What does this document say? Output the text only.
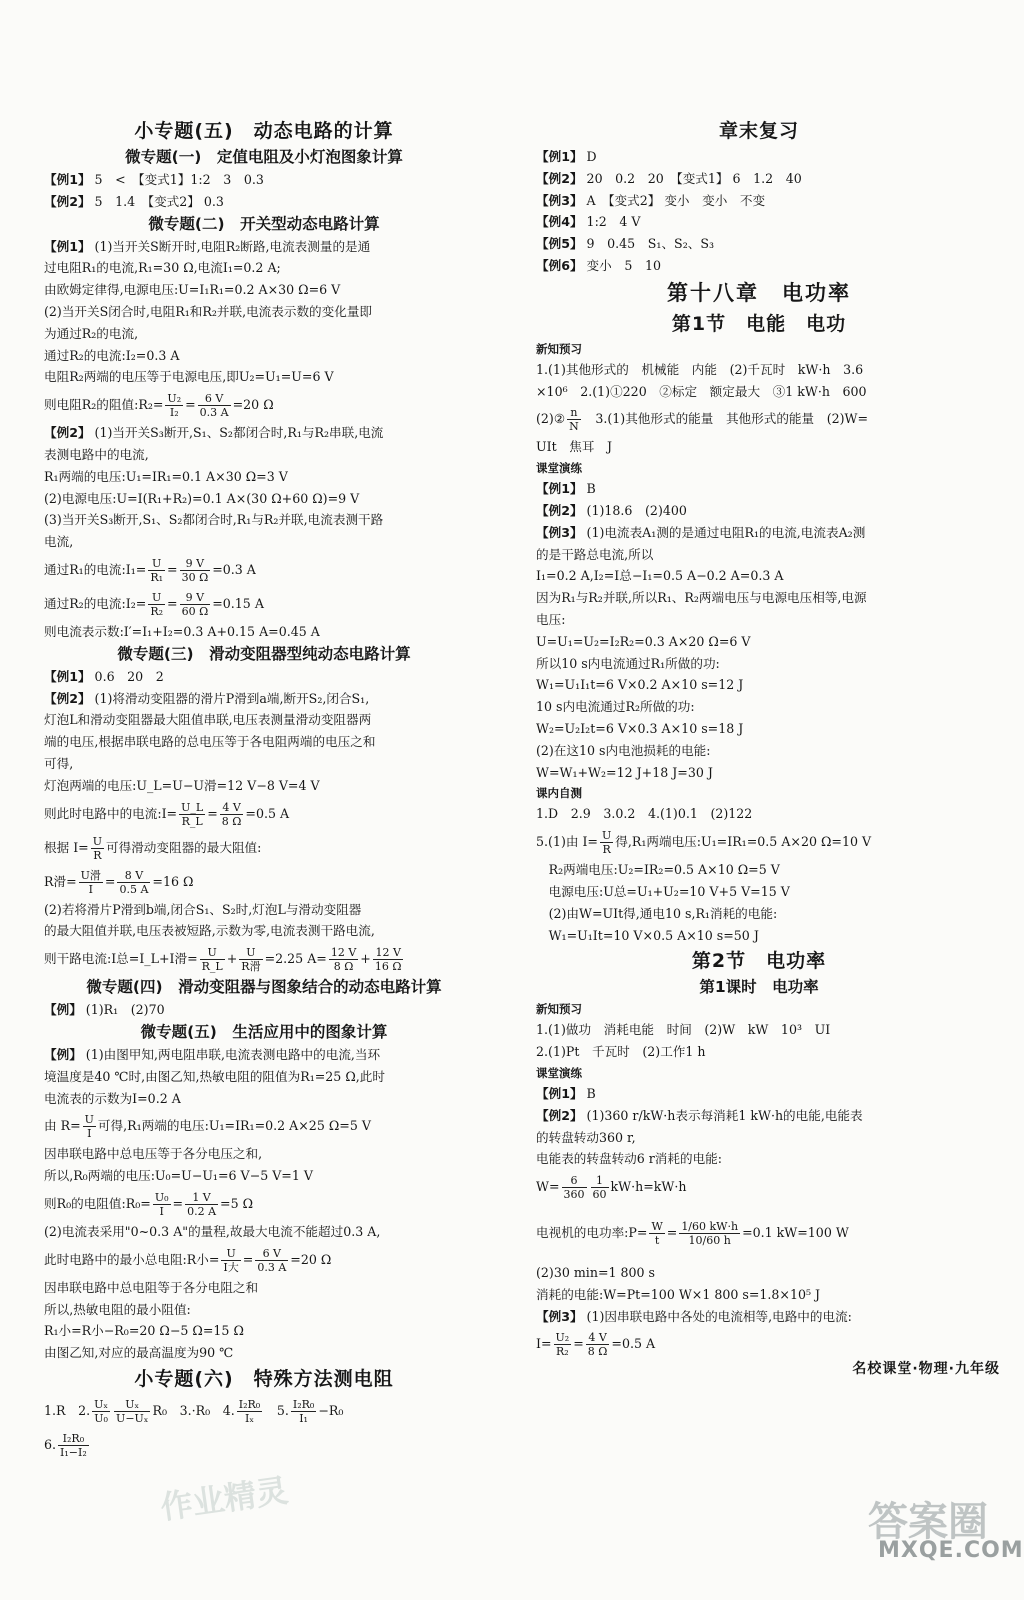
小专题(五)　动态电路的计算
微专题(一)　定值电阻及小灯泡图象计算
【例1】 5　<　【变式1】1:2　3　0.3
【例2】 5　1.4　【变式2】 0.3
微专题(二)　开关型动态电路计算
【例1】 (1)当开关S断开时,电阻R₂断路,电流表测量的是通
过电阻R₁的电流,R₁=30 Ω,电流I₁=0.2 A;
由欧姆定律得,电源电压:U=I₁R₁=0.2 A×30 Ω=6 V
(2)当开关S闭合时,电阻R₁和R₂并联,电流表示数的变化量即
为通过R₂的电流,
通过R₂的电流:I₂=0.3 A
电阻R₂两端的电压等于电源电压,即U₂=U₁=U=6 V
则电阻R₂的阻值:R₂= $\frac{\text{U₂}}{\text{I₂}} = \frac{6 V}{0.3 A} =20$ Ω
【例2】 (1)当开关S₃断开,S₁、S₂都闭合时,R₁与R₂串联,电流
表测电路中的电流,
R₁两端的电压:U₁=IR₁=0.1 A×30 Ω=3 V
(2)电源电压:U=I(R₁+R₂)=0.1 A×(30 Ω+60 Ω)=9 V
(3)当开关S₃断开,S₁、S₂都闭合时,R₁与R₂并联,电流表测干路
电流,
通过R₁的电流:I₁= $\frac{U}{\text{R₁}} = \frac{9 V}{30 \Omega} =0.3$ A
通过R₂的电流:I₂= $\frac{U}{\text{R₂}} = \frac{9 V}{60 \Omega} =0.15$ A
则电流表示数:I′=I₁+I₂=0.3 A+0.15 A=0.45 A
微专题(三)　滑动变阻器型纯动态电路计算
【例1】 0.6　20　2
【例2】 (1)将滑动变阻器的滑片P滑到a端,断开S₂,闭合S₁,
灯泡L和滑动变阻器最大阻值串联,电压表测量滑动变阻器两
端的电压,根据串联电路的总电压等于各电阻两端的电压之和
可得,
灯泡两端的电压:U_L=U−U滑=12 V−8 V=4 V
则此时电路中的电流:I= $\frac{U\_L}{R\_L} = \frac{4 V}{8 \Omega} =0.5$ A
根据 $I= \frac{U}{R}$ 可得滑动变阻器的最大阻值:
R滑= U滑
I
= $\frac{8 V}{0.5 A} =16$ Ω
(2)若将滑片P滑到b端,闭合S₁、S₂时,灯泡L与滑动变阻器
的最大阻值并联,电压表被短路,示数为零,电流表测干路电流,
则干路电流:I总=I_L+I滑= $\frac{U}{R\_L} + U$
R滑
=2.25 $A= \frac{12 V}{8 \Omega} + \frac{12 V}{16 \Omega}$
微专题(四)　滑动变阻器与图象结合的动态电路计算
【例】 (1)R₁　(2)70
微专题(五)　生活应用中的图象计算
【例】 (1)由图甲知,两电阻串联,电流表测电路中的电流,当环
境温度是40 ℃时,由图乙知,热敏电阻的阻值为R₁=25 Ω,此时
电流表的示数为I=0.2 A
由 $R= \frac{U}{I}$ 可得,R₁两端的电压:U₁=IR₁=0.2 A×25 Ω=5 V
因串联电路中总电压等于各分电压之和,
所以,R₀两端的电压:U₀=U−U₁=6 V−5 V=1 V
则R₀的电阻值:R₀= $\frac{\text{U₀}}{I} = \frac{1 V}{0.2 A} =5$ Ω
(2)电流表采用"0~0.3 A"的量程,故最大电流不能超过0.3 A,
此时电路中的最小总电阻:R小= U
I大
= $\frac{6 V}{0.3 A} =20$ Ω
因串联电路中总电阻等于各分电阻之和
所以,热敏电阻的最小阻值:
R₁小=R小−R₀=20 Ω−5 Ω=15 Ω
由图乙知,对应的最高温度为90 ℃
小专题(六)　特殊方法测电阻
1.R　2. $\frac{\text{Uₓ}}{\text{U₀}} \frac{\text{Uₓ}}{\text{U−Uₓ}} R_0$　3.·R₀　4. $\frac{\text{I₂R₀}}{\text{Iₓ}}$ 　5. $\frac{\text{I₂R₀}}{\text{I₁}} -R_0$
6. $\frac{\text{I₂R₀}}{\text{I₁−I₂}}$
章末复习
【例1】 D
【例2】 20　0.2　20　【变式1】 6　1.2　40
【例3】 A　【变式2】 变小　变小　不变
【例4】 1:2　4 V
【例5】 9　0.45　S₁、S₂、S₃
【例6】 变小　5　10
第十八章　电功率
第1节　电能　电功
新知预习
1.(1)其他形式的　机械能　内能　(2)千瓦时　kW·h　3.6
×10⁶　2.(1)①220　②标定　额定最大　③1 kW·h　600
(2)② $\frac{n}{N}$ 　3.(1)其他形式的能量　其他形式的能量　(2)W=
UIt　焦耳　J
课堂演练
【例1】 B
【例2】 (1)18.6　(2)400
【例3】 (1)电流表A₁测的是通过电阻R₁的电流,电流表A₂测
的是干路总电流,所以
I₁=0.2 A,I₂=I总−I₁=0.5 A−0.2 A=0.3 A
因为R₁与R₂并联,所以R₁、R₂两端电压与电源电压相等,电源
电压:
U=U₁=U₂=I₂R₂=0.3 A×20 Ω=6 V
所以10 s内电流通过R₁所做的功:
W₁=U₁I₁t=6 V×0.2 A×10 s=12 J
10 s内电流通过R₂所做的功:
W₂=U₂I₂t=6 V×0.3 A×10 s=18 J
(2)在这10 s内电池损耗的电能:
W=W₁+W₂=12 J+18 J=30 J
课内自测
1.D　2.9　3.0.2　4.(1)0.1　(2)122
5.(1)由 $I= \frac{U}{R}$ 得,R₁两端电压:U₁=IR₁=0.5 A×20 Ω=10 V
　R₂两端电压:U₂=IR₂=0.5 A×10 Ω=5 V
　电源电压:U总=U₁+U₂=10 V+5 V=15 V
　(2)由W=UIt得,通电10 s,R₁消耗的电能:
　W₁=U₁It=10 V×0.5 A×10 s=50 J
第2节　电功率
第1课时　电功率
新知预习
1.(1)做功　消耗电能　时间　(2)W　kW　10³　UI
2.(1)Pt　千瓦时　(2)工作1 h
课堂演练
【例1】 B
【例2】 (1)360 r/kW·h表示每消耗1 kW·h的电能,电能表
的转盘转动360 r,
电能表的转盘转动6 r消耗的电能:
$W= \frac{6}{360} \frac{1}{60} kW\cdot h=kW\cdot h$
电视机的电功率:P= $\frac{W}{t} = \frac{1/60 kW\cdot h}{10/60 h} =0.1$ kW=100 W
(2)30 min=1 800 s
消耗的电能:W=Pt=100 W×1 800 s=1.8×10⁵ J
【例3】 (1)因串联电路中各处的电流相等,电路中的电流:
$I= \frac{\text{U₂}}{\text{R₂}} = \frac{4 V}{8 \Omega} =0.5$ A
名校课堂·物理·九年级
作业精灵	答案圈
MXQE.COM
